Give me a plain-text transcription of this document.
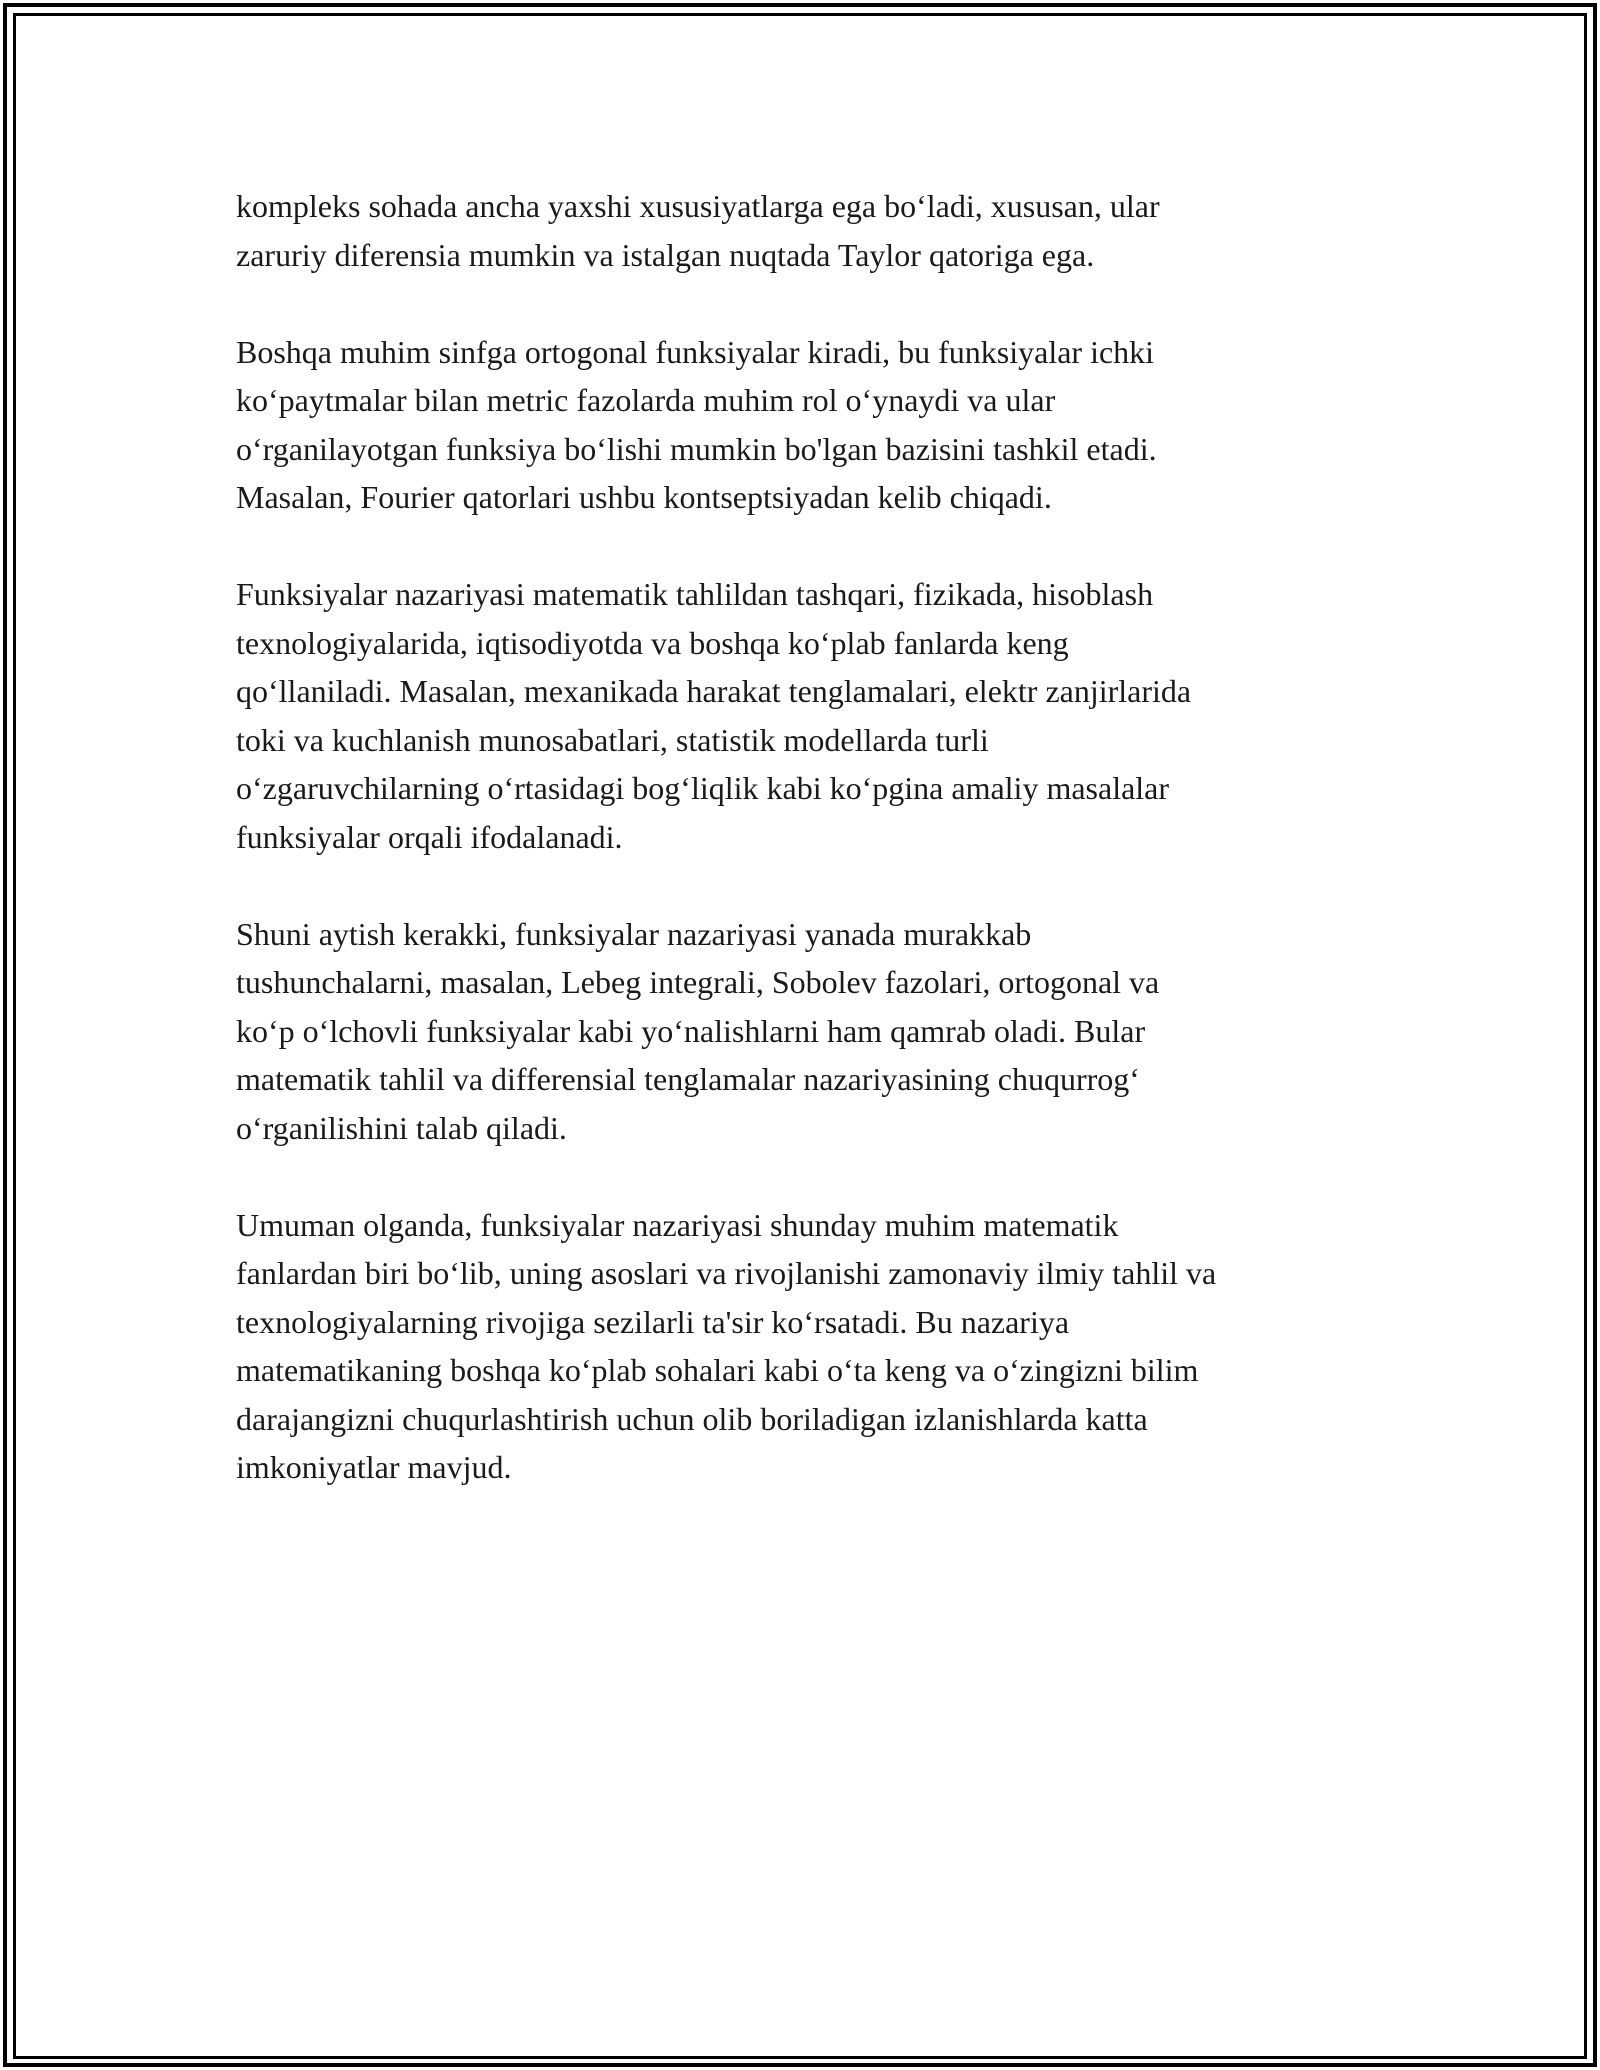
kompleks sohada ancha yaxshi xususiyatlarga ega bo‘ladi, xususan, ular
zaruriy diferensia mumkin va istalgan nuqtada Taylor qatoriga ega.

Boshqa muhim sinfga ortogonal funksiyalar kiradi, bu funksiyalar ichki
ko‘paytmalar bilan metric fazolarda muhim rol o‘ynaydi va ular
o‘rganilayotgan funksiya bo‘lishi mumkin bo'lgan bazisini tashkil etadi.
Masalan, Fourier qatorlari ushbu kontseptsiyadan kelib chiqadi.

Funksiyalar nazariyasi matematik tahlildan tashqari, fizikada, hisoblash
texnologiyalarida, iqtisodiyotda va boshqa ko‘plab fanlarda keng
qo‘llaniladi. Masalan, mexanikada harakat tenglamalari, elektr zanjirlarida
toki va kuchlanish munosabatlari, statistik modellarda turli
o‘zgaruvchilarning o‘rtasidagi bog‘liqlik kabi ko‘pgina amaliy masalalar
funksiyalar orqali ifodalanadi.

Shuni aytish kerakki, funksiyalar nazariyasi yanada murakkab
tushunchalarni, masalan, Lebeg integrali, Sobolev fazolari, ortogonal va
ko‘p o‘lchovli funksiyalar kabi yo‘nalishlarni ham qamrab oladi. Bular
matematik tahlil va differensial tenglamalar nazariyasining chuqurrog‘
o‘rganilishini talab qiladi.

Umuman olganda, funksiyalar nazariyasi shunday muhim matematik
fanlardan biri bo‘lib, uning asoslari va rivojlanishi zamonaviy ilmiy tahlil va
texnologiyalarning rivojiga sezilarli ta'sir ko‘rsatadi. Bu nazariya
matematikaning boshqa ko‘plab sohalari kabi o‘ta keng va o‘zingizni bilim
darajangizni chuqurlashtirish uchun olib boriladigan izlanishlarda katta
imkoniyatlar mavjud.
